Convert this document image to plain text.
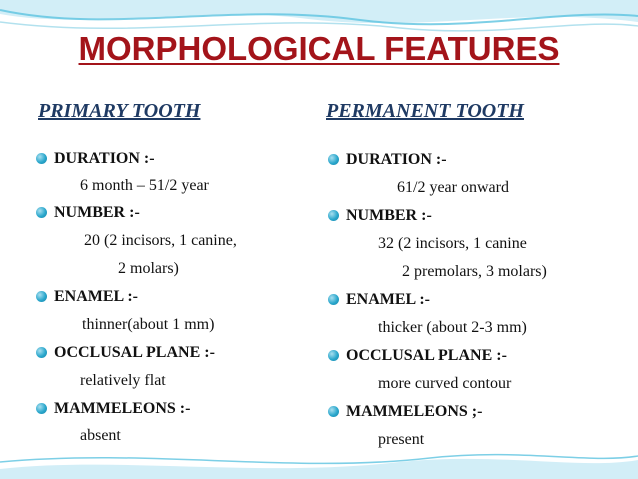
MORPHOLOGICAL FEATURES
PRIMARY TOOTH	PERMANENT TOOTH
DURATION :-
6 month – 51/2 year
NUMBER :-
20 (2 incisors, 1 canine,
2 molars)
ENAMEL :-
thinner(about 1 mm)
OCCLUSAL PLANE :-
relatively flat
MAMMELEONS :-
absent
DURATION :-
61/2 year onward
NUMBER :-
32 (2 incisors, 1 canine
2 premolars, 3 molars)
ENAMEL :-
thicker (about 2-3 mm)
OCCLUSAL PLANE :-
more curved contour
MAMMELEONS ;-
present
